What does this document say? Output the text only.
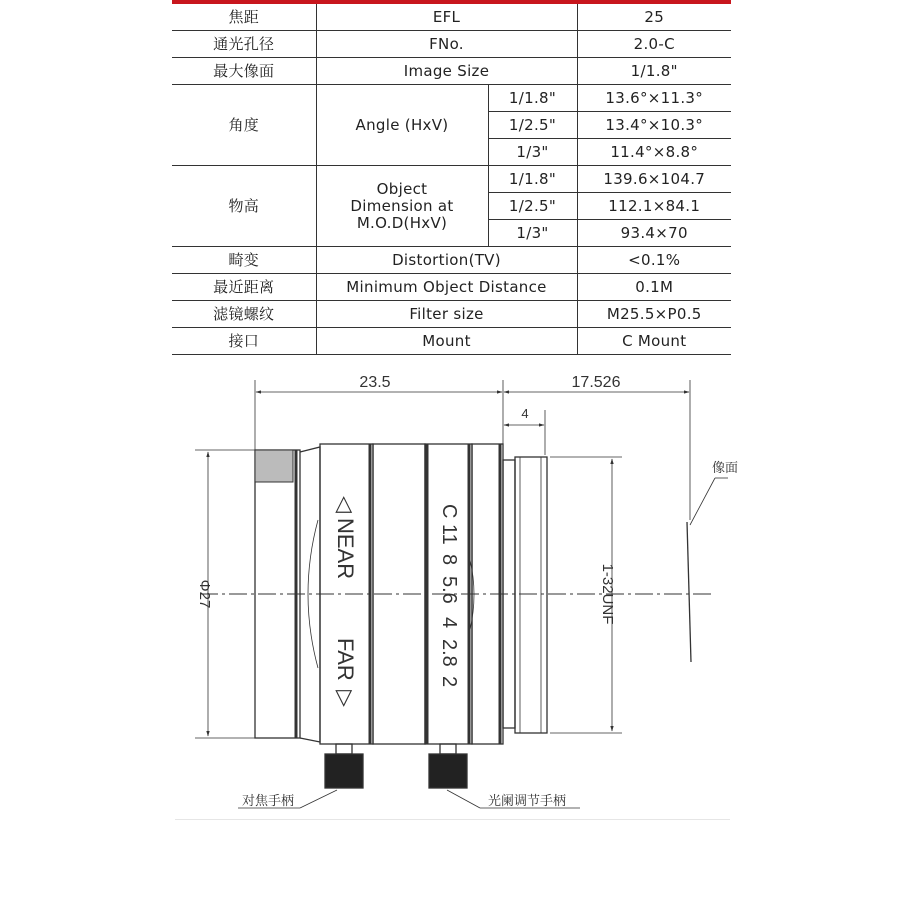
焦距	EFL		25
通光孔径	FNo.		2.0-C
最大像面	Image Size		1/1.8"
角度	Angle (HxV)	1/1.8"	13.6°×11.3°
		1/2.5"	13.4°×10.3°
		1/3"	11.4°×8.8°
物高	Object
Dimension at
M.O.D(HxV)	1/1.8"	139.6×104.7
		1/2.5"	112.1×84.1
		1/3"	93.4×70
畸变	Distortion(TV)		<0.1%
最近距离	Minimum Object Distance		0.1M
滤镜螺纹	Filter size		M25.5×P0.5
接口	Mount		C Mount
23.5	17.526
4
Φ27	1-32UNF
像面
◁
NEAR
FAR
▷
C
11
8
5.6
4
2.8
2
对焦手柄	光阑调节手柄
